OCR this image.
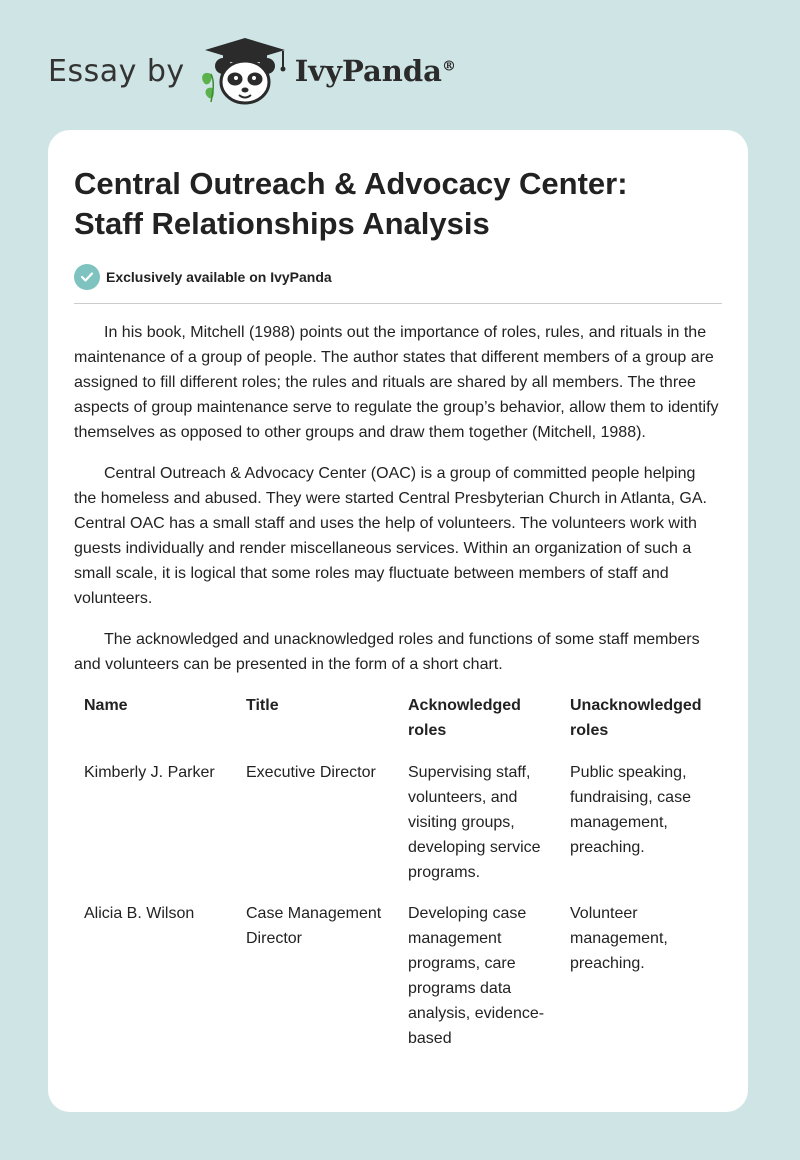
Essay by	IvyPanda®
Central Outreach & Advocacy Center:
Staff Relationships Analysis
Exclusively available on IvyPanda

In his book, Mitchell (1988) points out the importance of roles, rules, and rituals in the maintenance of a group of people. The author states that different members of a group are assigned to fill different roles; the rules and rituals are shared by all members. The three aspects of group maintenance serve to regulate the group’s behavior, allow them to identify themselves as opposed to other groups and draw them together (Mitchell, 1988).

Central Outreach & Advocacy Center (OAC) is a group of committed people helping the homeless and abused. They were started Central Presbyterian Church in Atlanta, GA. Central OAC has a small staff and uses the help of volunteers. The volunteers work with guests individually and render miscellaneous services. Within an organization of such a small scale, it is logical that some roles may fluctuate between members of staff and volunteers.

The acknowledged and unacknowledged roles and functions of some staff members and volunteers can be presented in the form of a short chart.

Name	Title	Acknowledged roles	Unacknowledged roles
Kimberly J. Parker	Executive Director	Supervising staff, volunteers, and visiting groups, developing service programs.	Public speaking, fundraising, case management, preaching.
Alicia B. Wilson	Case Management Director	Developing case management programs, care programs data analysis, evidence-based	Volunteer management, preaching.
